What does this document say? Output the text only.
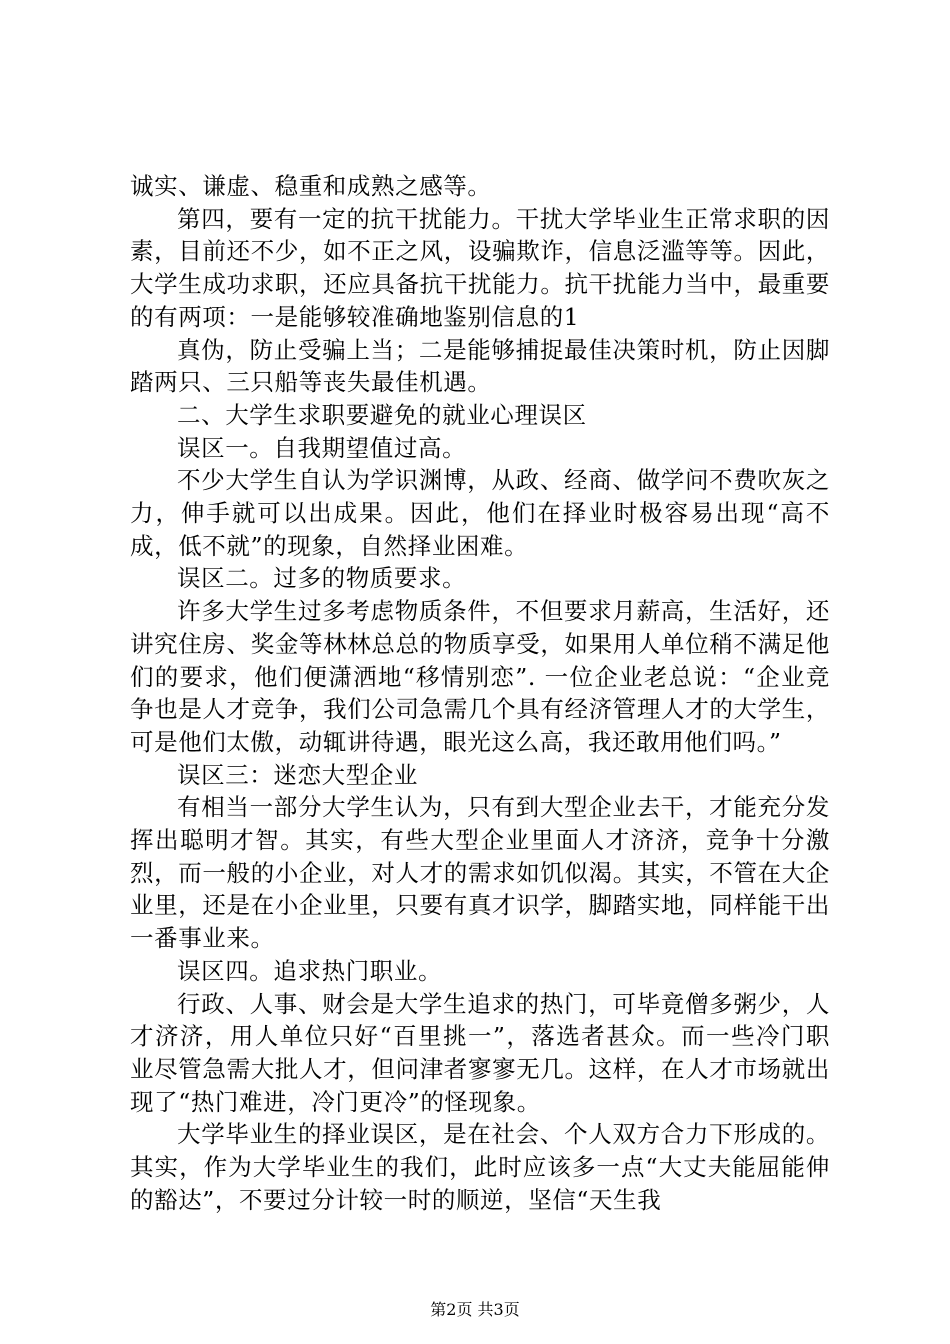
诚实、谦虚、稳重和成熟之感等。

第四，要有一定的抗干扰能力。干扰大学毕业生正常求职的因素，目前还不少，如不正之风，设骗欺诈，信息泛滥等等。因此，大学生成功求职，还应具备抗干扰能力。抗干扰能力当中，最重要的有两项：一是能够较准确地鉴别信息的1

真伪，防止受骗上当；二是能够捕捉最佳决策时机，防止因脚踏两只、三只船等丧失最佳机遇。

二、大学生求职要避免的就业心理误区

误区一。自我期望值过高。

不少大学生自认为学识渊博，从政、经商、做学问不费吹灰之力，伸手就可以出成果。因此，他们在择业时极容易出现“高不成，低不就”的现象，自然择业困难。

误区二。过多的物质要求。

许多大学生过多考虑物质条件，不但要求月薪高，生活好，还讲究住房、奖金等林林总总的物质享受，如果用人单位稍不满足他们的要求，他们便潇洒地“移情别恋”. 一位企业老总说：“企业竞争也是人才竞争，我们公司急需几个具有经济管理人才的大学生，可是他们太傲，动辄讲待遇，眼光这么高，我还敢用他们吗。”

误区三：迷恋大型企业

有相当一部分大学生认为，只有到大型企业去干，才能充分发挥出聪明才智。其实，有些大型企业里面人才济济，竞争十分激烈，而一般的小企业，对人才的需求如饥似渴。其实，不管在大企业里，还是在小企业里，只要有真才识学，脚踏实地，同样能干出一番事业来。

误区四。追求热门职业。

行政、人事、财会是大学生追求的热门，可毕竟僧多粥少，人才济济，用人单位只好“百里挑一”，落选者甚众。而一些冷门职业尽管急需大批人才，但问津者寥寥无几。这样，在人才市场就出现了“热门难进，冷门更冷”的怪现象。

大学毕业生的择业误区，是在社会、个人双方合力下形成的。其实，作为大学毕业生的我们，此时应该多一点“大丈夫能屈能伸的豁达”，不要过分计较一时的顺逆，坚信“天生我

第2页 共3页
